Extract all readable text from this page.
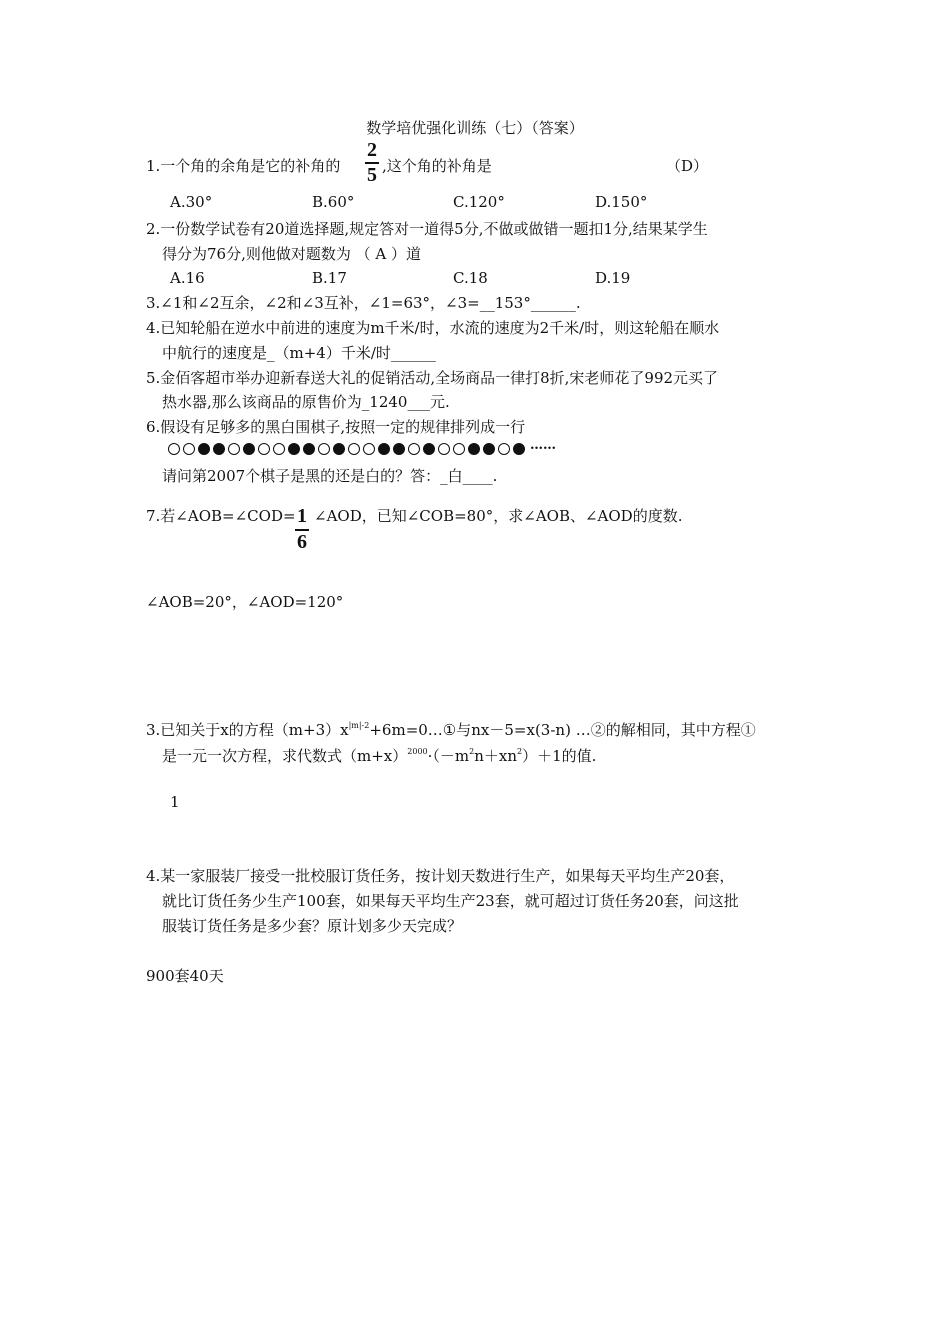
数学培优强化训练（七）（答案）
1.一个角的余角是它的补角的
2
5 ,这个角的补角是	（D）
A.30°	B.60°	C.120°	D.150°
2.一份数学试卷有20道选择题,规定答对一道得5分,不做或做错一题扣1分,结果某学生
得分为76分,则他做对题数为 （ A ）道
A.16	B.17	C.18	D.19
3.∠1和∠2互余，∠2和∠3互补，∠1=63°，∠3=__153°______.
4.已知轮船在逆水中前进的速度为m千米/时，水流的速度为2千米/时，则这轮船在顺水
中航行的速度是_（m+4）千米/时______
5.金佰客超市举办迎新春送大礼的促销活动,全场商品一律打8折,宋老师花了992元买了
热水器,那么该商品的原售价为_1240___元.
6.假设有足够多的黑白围棋子,按照一定的规律排列成一行
……
请问第2007个棋子是黑的还是白的？答：_白____.
7.若∠AOB=∠COD= 1
6
∠AOD，已知∠COB=80°，求∠AOB、∠AOD的度数.
∠AOB=20°，∠AOD=120°
3.已知关于x的方程$(m+3)x^{|m|-2}+6m=0\dots ①$与nx－5=x(3-n) …②的解相同，其中方程①
是一元一次方程，求代数式$(m+x)^{2000}\cdot(-m^2n+xn^2)+1$的值.
1
4.某一家服装厂接受一批校服订货任务，按计划天数进行生产，如果每天平均生产20套，
就比订货任务少生产100套，如果每天平均生产23套，就可超过订货任务20套，问这批
服装订货任务是多少套？原计划多少天完成？
900套40天
